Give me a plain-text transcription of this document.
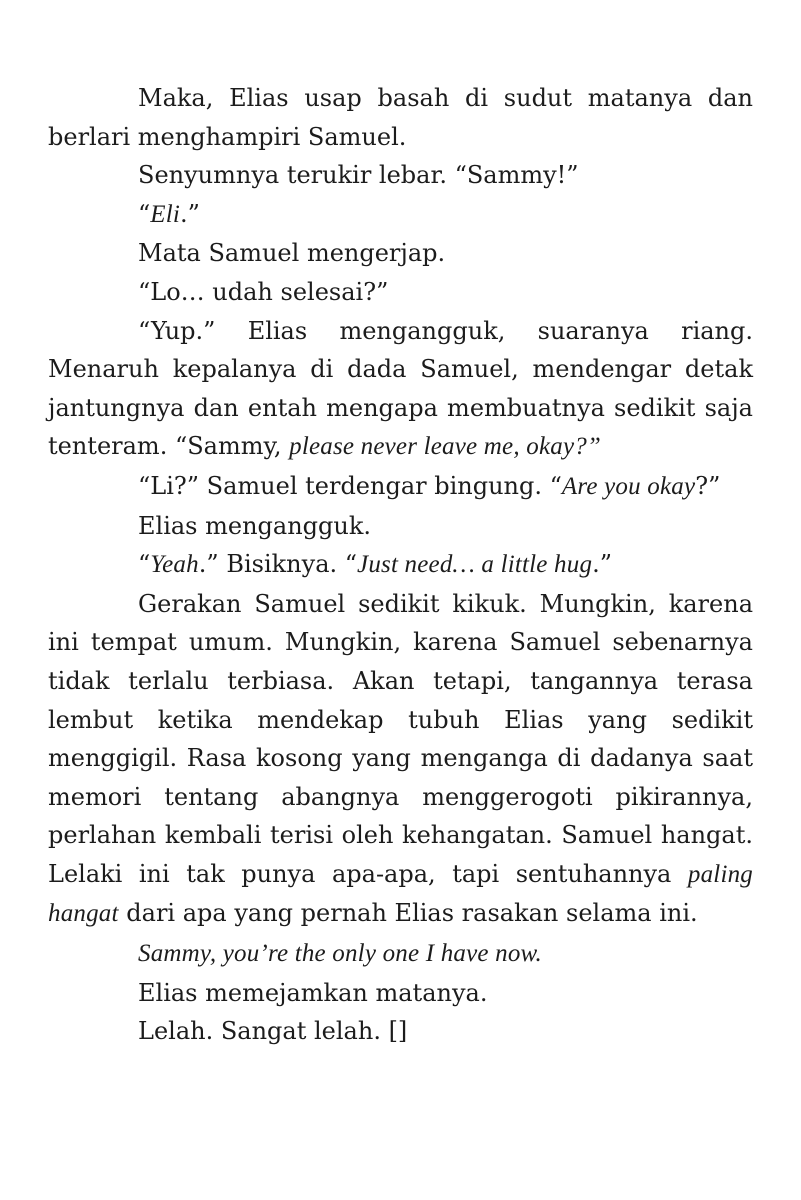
Maka, Elias usap basah di sudut matanya dan berlari menghampiri Samuel.

Senyumnya terukir lebar. “Sammy!”

“Eli.”

Mata Samuel mengerjap.

“Lo… udah selesai?”

“Yup.” Elias mengangguk, suaranya riang. Menaruh kepalanya di dada Samuel, mendengar detak jantungnya dan entah mengapa membuatnya sedikit saja tenteram. “Sammy, please never leave me, okay?”

“Li?” Samuel terdengar bingung. “Are you okay?”

Elias mengangguk.

“Yeah.” Bisiknya. “Just need… a little hug.”

Gerakan Samuel sedikit kikuk. Mungkin, karena ini tempat umum. Mungkin, karena Samuel sebenarnya tidak terlalu terbiasa. Akan tetapi, tangannya terasa lembut ketika mendekap tubuh Elias yang sedikit menggigil. Rasa kosong yang menganga di dadanya saat memori tentang abangnya menggerogoti pikirannya, perlahan kembali terisi oleh kehangatan. Samuel hangat. Lelaki ini tak punya apa-apa, tapi sentuhannya paling hangat dari apa yang pernah Elias rasakan selama ini.

Sammy, you’re the only one I have now.

Elias memejamkan matanya.

Lelah. Sangat lelah. []
